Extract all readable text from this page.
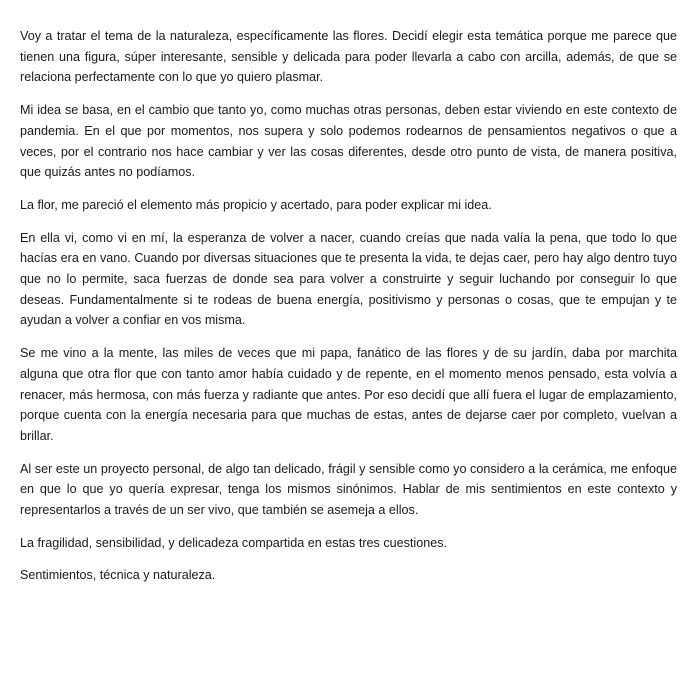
Voy a tratar el tema de la naturaleza, específicamente las flores. Decidí elegir esta temática porque me parece que tienen una figura, súper interesante, sensible y delicada para poder llevarla a cabo con arcilla, además, de que se relaciona perfectamente con lo que yo quiero plasmar.

Mi idea se basa, en el cambio que tanto yo, como muchas otras personas, deben estar viviendo en este contexto de pandemia. En el que por momentos, nos supera y solo podemos rodearnos de pensamientos negativos o que a veces, por el contrario nos hace cambiar y ver las cosas diferentes, desde otro punto de vista, de manera positiva, que quizás antes no podíamos.

La flor, me pareció el elemento más propicio y acertado, para poder explicar mi idea.

En ella vi, como vi en mí, la esperanza de volver a nacer, cuando creías que nada valía la pena, que todo lo que hacías era en vano. Cuando por diversas situaciones que te presenta la vida, te dejas caer, pero hay algo dentro tuyo que no lo permite, saca fuerzas de donde sea para volver a construirte y seguir luchando por conseguir lo que deseas. Fundamentalmente si te rodeas de buena energía, positivismo y personas o cosas, que te empujan y te ayudan a volver a confiar en vos misma.

Se me vino a la mente, las miles de veces que mi papa, fanático de las flores y de su jardín, daba por marchita alguna que otra flor que con tanto amor había cuidado y de repente, en el momento menos pensado, esta volvía a renacer, más hermosa, con más fuerza y radiante que antes. Por eso decidí que allí fuera el lugar de emplazamiento, porque cuenta con la energía necesaria para que muchas de estas, antes de dejarse caer por completo, vuelvan a brillar.

Al ser este un proyecto personal, de algo tan delicado, frágil y sensible como yo considero a la cerámica, me enfoque en que lo que yo quería expresar, tenga los mismos sinónimos. Hablar de mis sentimientos en este contexto y representarlos a través de un ser vivo, que también se asemeja a ellos.

La fragilidad, sensibilidad, y delicadeza compartida en estas tres cuestiones.

Sentimientos, técnica y naturaleza.
